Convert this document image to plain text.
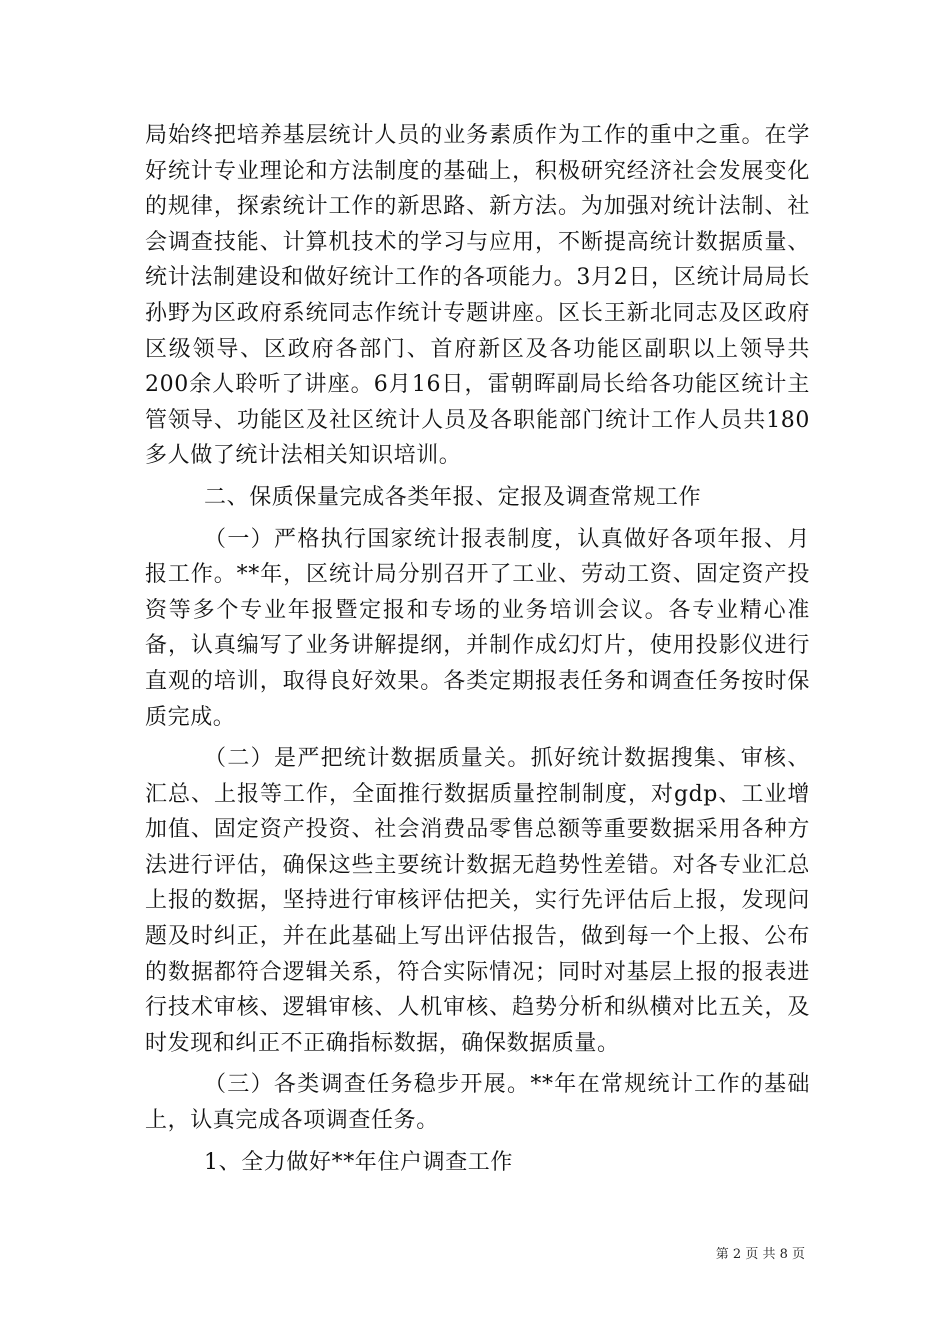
局始终把培养基层统计人员的业务素质作为工作的重中之重。在学好统计专业理论和方法制度的基础上，积极研究经济社会发展变化的规律，探索统计工作的新思路、新方法。为加强对统计法制、社会调查技能、计算机技术的学习与应用，不断提高统计数据质量、统计法制建设和做好统计工作的各项能力。3月2日，区统计局局长孙野为区政府系统同志作统计专题讲座。区长王新北同志及区政府区级领导、区政府各部门、首府新区及各功能区副职以上领导共200余人聆听了讲座。6月16日，雷朝晖副局长给各功能区统计主管领导、功能区及社区统计人员及各职能部门统计工作人员共180多人做了统计法相关知识培训。

二、保质保量完成各类年报、定报及调查常规工作

（一）严格执行国家统计报表制度，认真做好各项年报、月报工作。**年，区统计局分别召开了工业、劳动工资、固定资产投资等多个专业年报暨定报和专场的业务培训会议。各专业精心准备，认真编写了业务讲解提纲，并制作成幻灯片，使用投影仪进行直观的培训，取得良好效果。各类定期报表任务和调查任务按时保质完成。

（二）是严把统计数据质量关。抓好统计数据搜集、审核、汇总、上报等工作，全面推行数据质量控制制度，对gdp、工业增加值、固定资产投资、社会消费品零售总额等重要数据采用各种方法进行评估，确保这些主要统计数据无趋势性差错。对各专业汇总上报的数据，坚持进行审核评估把关，实行先评估后上报，发现问题及时纠正，并在此基础上写出评估报告，做到每一个上报、公布的数据都符合逻辑关系，符合实际情况；同时对基层上报的报表进行技术审核、逻辑审核、人机审核、趋势分析和纵横对比五关，及时发现和纠正不正确指标数据，确保数据质量。

（三）各类调查任务稳步开展。**年在常规统计工作的基础上，认真完成各项调查任务。

1、全力做好**年住户调查工作

第 2 页 共 8 页
